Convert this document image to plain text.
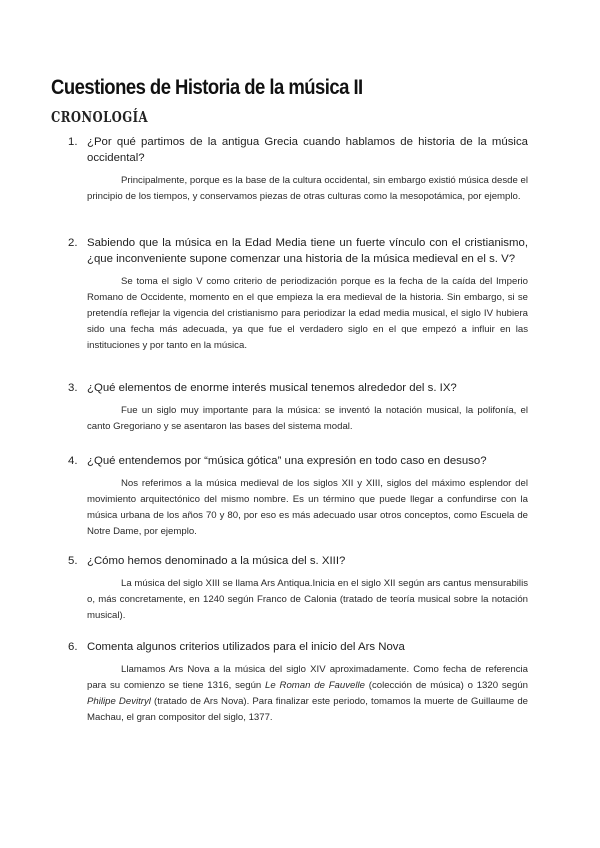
Cuestiones de Historia de la música II
CRONOLOGÍA
1. ¿Por qué partimos de la antigua Grecia cuando hablamos de historia de la música occidental?
Principalmente, porque es la base de la cultura occidental, sin embargo existió música desde el principio de los tiempos, y conservamos piezas de otras culturas como la mesopotámica, por ejemplo.
2. Sabiendo que la música en la Edad Media tiene un fuerte vínculo con el cristianismo, ¿que inconveniente supone comenzar una historia de la música medieval en el s. V?
Se toma el siglo V como criterio de periodización porque es la fecha de la caída del Imperio Romano de Occidente, momento en el que empieza la era medieval de la historia. Sin embargo, si se pretendía reflejar la vigencia del cristianismo para periodizar la edad media musical, el siglo IV hubiera sido una fecha más adecuada, ya que fue el verdadero siglo en el que empezó a influir en las instituciones y por tanto en la música.
3. ¿Qué elementos de enorme interés musical tenemos alrededor del s. IX?
Fue un siglo muy importante para la música: se inventó la notación musical, la polifonía, el canto Gregoriano y se asentaron las bases del sistema modal.
4. ¿Qué entendemos por “música gótica” una expresión en todo caso en desuso?
Nos referimos a la música medieval de los siglos XII y XIII, siglos del máximo esplendor del movimiento arquitectónico del mismo nombre. Es un término que puede llegar a confundirse con la música urbana de los años 70 y 80, por eso es más adecuado usar otros conceptos, como Escuela de Notre Dame, por ejemplo.
5. ¿Cómo hemos denominado a la música del s. XIII?
La música del siglo XIII se llama Ars Antiqua.Inicia en el siglo XII según ars cantus mensurabilis o, más concretamente, en 1240 según Franco de Calonia (tratado de teoría musical sobre la notación musical).
6. Comenta algunos criterios utilizados para el inicio del Ars Nova
Llamamos Ars Nova a la música del siglo XIV aproximadamente. Como fecha de referencia para su comienzo se tiene 1316, según Le Roman de Fauvelle (colección de música) o 1320 según Philipe Devitryl (tratado de Ars Nova). Para finalizar este periodo, tomamos la muerte de Guillaume de Machau, el gran compositor del siglo, 1377.
